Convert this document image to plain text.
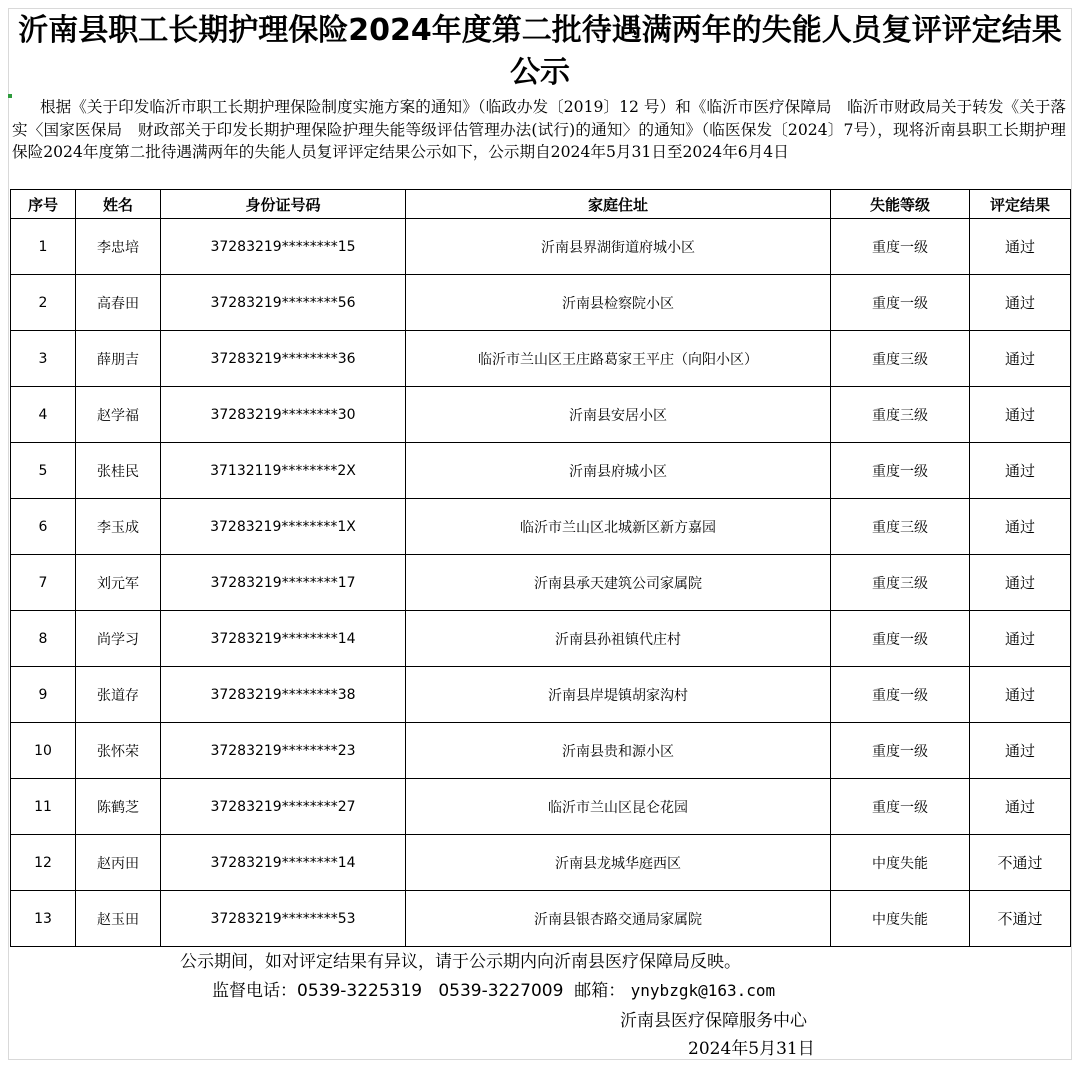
沂南县职工长期护理保险2024年度第二批待遇满两年的失能人员复评评定结果公示
根据《关于印发临沂市职工长期护理保险制度实施方案的通知》（临政办发〔2019〕12 号）和《临沂市医疗保障局　临沂市财政局关于转发《关于落实〈国家医保局　财政部关于印发长期护理保险护理失能等级评估管理办法(试行)的通知〉的通知》（临医保发〔2024〕7号），现将沂南县职工长期护理保险2024年度第二批待遇满两年的失能人员复评评定结果公示如下，公示期自2024年5月31日至2024年6月4日
序号	姓名	身份证号码	家庭住址	失能等级	评定结果
1	李忠培	37283219********15	沂南县界湖街道府城小区	重度一级	通过
2	高春田	37283219********56	沂南县检察院小区	重度一级	通过
3	薛朋吉	37283219********36	临沂市兰山区王庄路葛家王平庄（向阳小区）	重度三级	通过
4	赵学福	37283219********30	沂南县安居小区	重度三级	通过
5	张桂民	37132119********2X	沂南县府城小区	重度一级	通过
6	李玉成	37283219********1X	临沂市兰山区北城新区新方嘉园	重度三级	通过
7	刘元军	37283219********17	沂南县承天建筑公司家属院	重度三级	通过
8	尚学习	37283219********14	沂南县孙祖镇代庄村	重度一级	通过
9	张道存	37283219********38	沂南县岸堤镇胡家沟村	重度一级	通过
10	张怀荣	37283219********23	沂南县贵和源小区	重度一级	通过
11	陈鹤芝	37283219********27	临沂市兰山区昆仑花园	重度一级	通过
12	赵丙田	37283219********14	沂南县龙城华庭西区	中度失能	不通过
13	赵玉田	37283219********53	沂南县银杏路交通局家属院	中度失能	不通过
公示期间，如对评定结果有异议，请于公示期内向沂南县医疗保障局反映。
监督电话：0539-3225319 0539-3227009 邮箱： ynybzgk@163.com
沂南县医疗保障服务中心
2024年5月31日
